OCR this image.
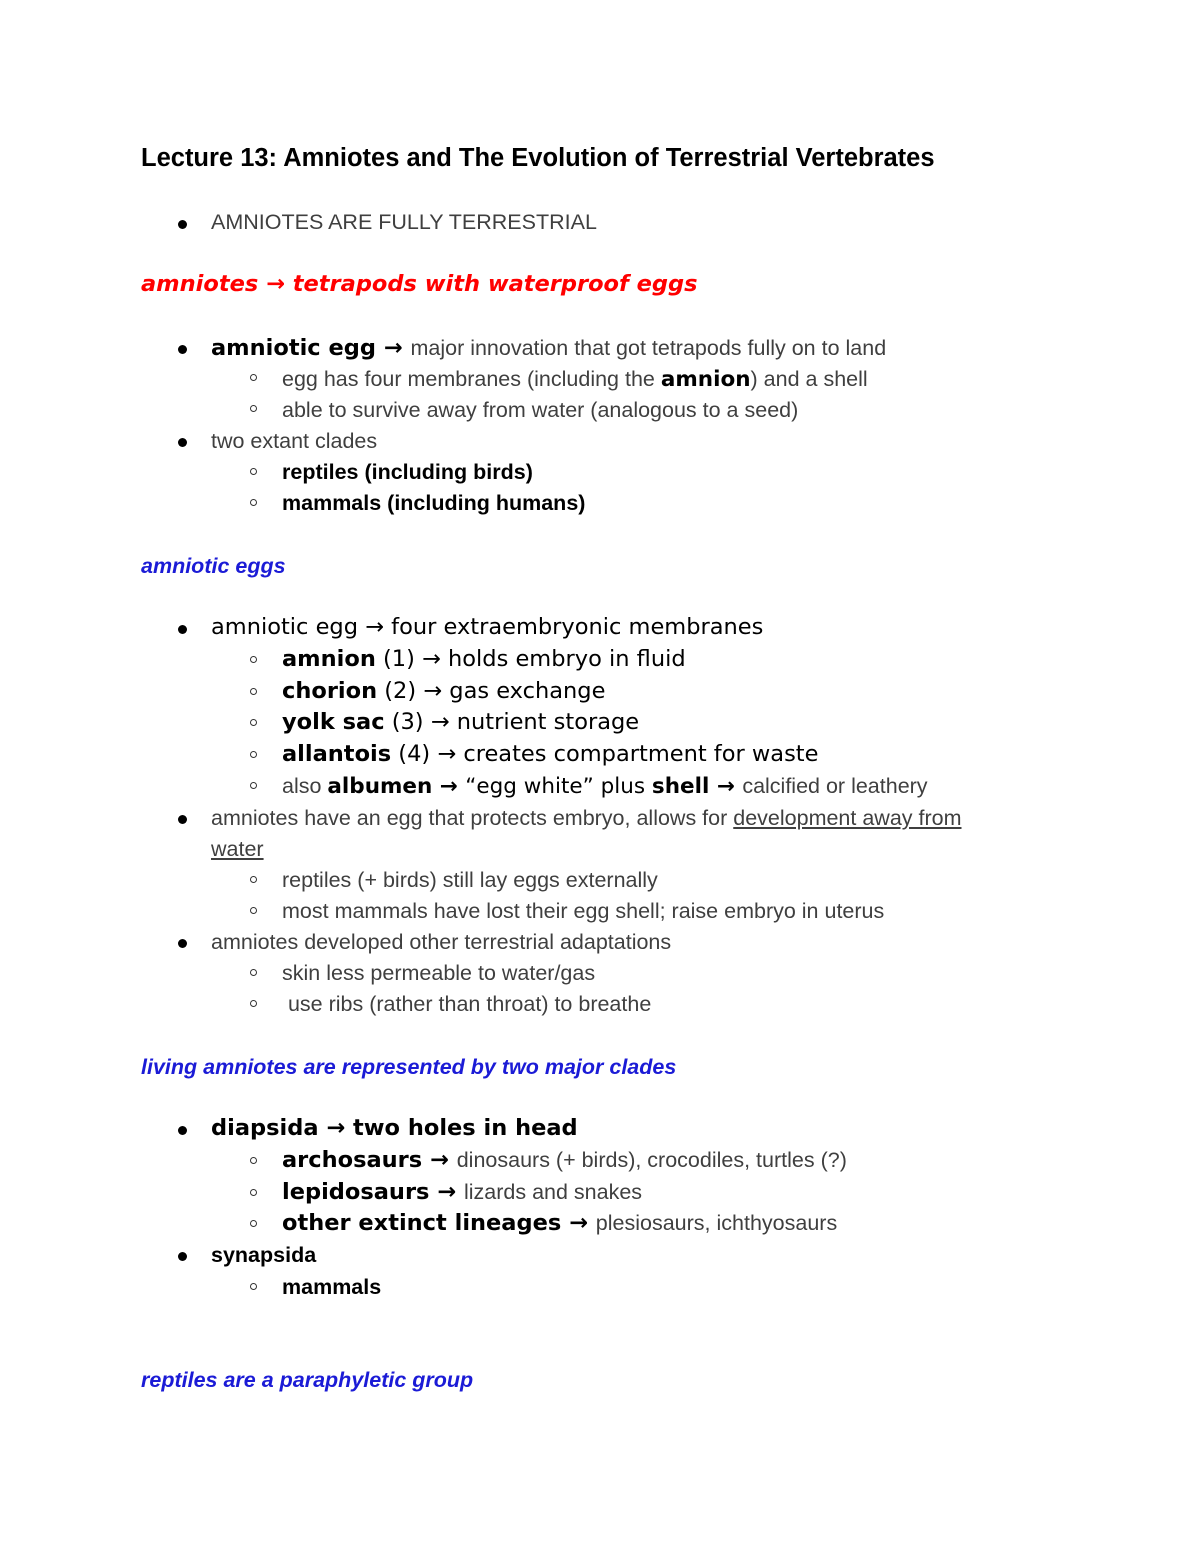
Lecture 13: Amniotes and The Evolution of Terrestrial Vertebrates
AMNIOTES ARE FULLY TERRESTRIAL
amniotes → tetrapods with waterproof eggs
amniotic egg → major innovation that got tetrapods fully on to land
egg has four membranes (including the amnion) and a shell
able to survive away from water (analogous to a seed)
two extant clades
reptiles (including birds)
mammals (including humans)
amniotic eggs
amniotic egg → four extraembryonic membranes
amnion (1) → holds embryo in fluid
chorion (2) → gas exchange
yolk sac (3) → nutrient storage
allantois (4) → creates compartment for waste
also albumen → “egg white” plus shell → calcified or leathery
amniotes have an egg that protects embryo, allows for development away from
water
reptiles (+ birds) still lay eggs externally
most mammals have lost their egg shell; raise embryo in uterus
amniotes developed other terrestrial adaptations
skin less permeable to water/gas
use ribs (rather than throat) to breathe
living amniotes are represented by two major clades
diapsida → two holes in head
archosaurs → dinosaurs (+ birds), crocodiles, turtles (?)
lepidosaurs → lizards and snakes
other extinct lineages → plesiosaurs, ichthyosaurs
synapsida
mammals
reptiles are a paraphyletic group
